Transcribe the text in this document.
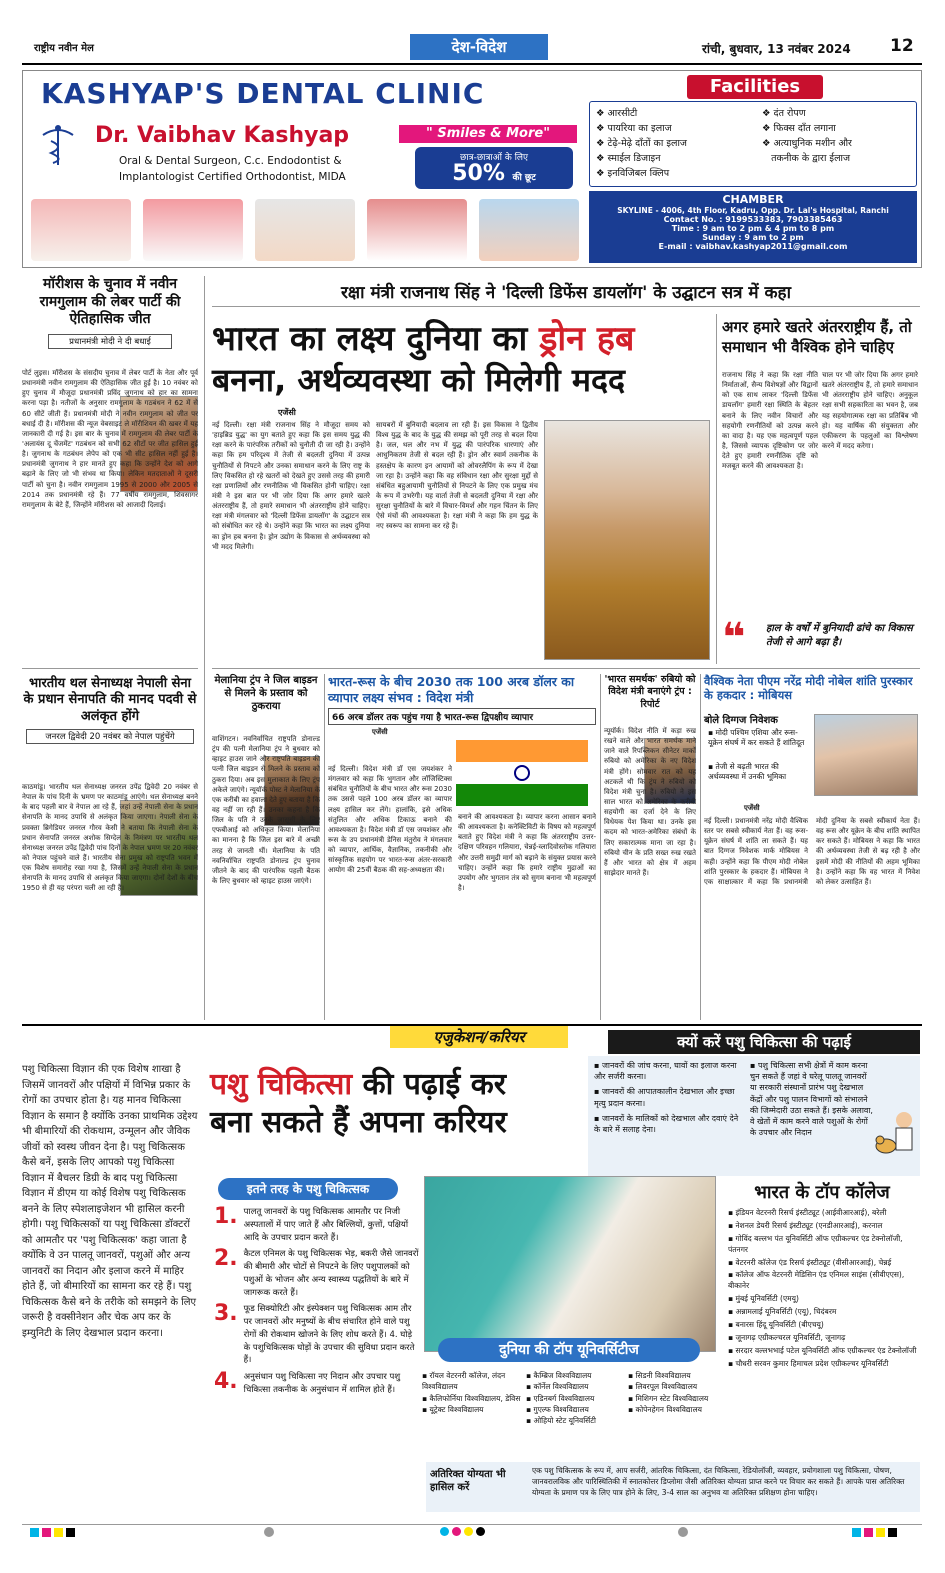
राष्ट्रीय नवीन मेल	देश-विदेश	रांची, बुधवार, 13 नवंबर 2024 12
KASHYAP'S DENTAL CLINIC
Dr. Vaibhav Kashyap	" Smiles & More"
Oral & Dental Surgeon, C.c. Endodontist &
Implantologist Certified Orthodontist, MIDA
छात्र-छात्राओं के लिए
50% की छूट
Facilities
❖ आरसीटी
❖ पायरिया का इलाज
❖ टेढ़े-मेढ़े दाँतों का इलाज
❖ स्माईल डिजाइन
❖ इनविजिबल क्लिप
❖ दंत रोपण
❖ फिक्स दाँत लगाना
❖ अत्याधुनिक मशीन और
तकनीक के द्वारा ईलाज
CHAMBER
SKYLINE - 4006, 4th Floor, Kadru, Opp. Dr. Lal's Hospital, Ranchi
Contact No. : 9199533383, 7903385463
Time : 9 am to 2 pm & 4 pm to 8 pm
Sunday : 9 am to 2 pm
E-mail : vaibhav.kashyap2011@gmail.com
मॉरीशस के चुनाव में नवीन रामगुलाम की लेबर पार्टी की ऐतिहासिक जीत
प्रधानमंत्री मोदी ने दी बधाई
पोर्ट लुइस। मॉरीशस के संसदीय चुनाव में लेबर पार्टी के नेता और पूर्व प्रधानमंत्री नवीन रामगुलाम की ऐतिहासिक जीत हुई है। 10 नवंबर को हुए चुनाव में मौजूदा प्रधानमंत्री प्रविंद जुगनाथ को हार का सामना करना पड़ा है। नतीजों के अनुसार रामगुलाम के गठबंधन ने 62 में से 60 सीटें जीती हैं। प्रधानमंत्री मोदी ने नवीन रामगुलाम को जीत पर बधाई दी है। मॉरीशस की न्यूज वेबसाइट ले मॉरीशियन की खबर में यह जानकारी दी गई है। इस बार के चुनाव में रामगुलाम की लेबर पार्टी के 'अलायंस दू चेंजमेंट' गठबंधन को सभी 62 सीटों पर जीत हासिल हुई है। जुगनाथ के गठबंधन लेपेप को एक भी सीट हासिल नहीं हुई है। प्रधानमंत्री जुगनाथ ने हार मानते हुए कहा कि उन्होंने देश को आगे बढ़ाने के लिए जो भी संभव था किया। लेकिन मतदाताओं ने दूसरी पार्टी को चुना है। नवीन रामगुलाम 1995 से 2000 और 2005 से 2014 तक प्रधानमंत्री रहे हैं। 77 वर्षीय रामगुलाम, शिवसागर रामगुलाम के बेटे हैं, जिन्होंने मॉरीशस को आजादी दिलाई।
भारतीय थल सेनाध्यक्ष नेपाली सेना के प्रधान सेनापति की मानद पदवी से अलंकृत होंगे
जनरल द्विवेदी 20 नवंबर को नेपाल पहुंचेंगे
काठमांडू। भारतीय थल सेनाध्यक्ष जनरल उपेंद्र द्विवेदी 20 नवंबर से नेपाल के पांच दिनी के भ्रमण पर काठमांडू आएंगे। थल सेनाध्यक्ष बनने के बाद पहली बार वे नेपाल आ रहे हैं, जहां उन्हें नेपाली सेना के प्रधान सेनापति के मानद उपाधि से अलंकृत किया जाएगा। नेपाली सेना के प्रवक्ता ब्रिगेडियर जनरल गौरव केसी ने बताया कि नेपाली सेना के प्रधान सेनापति जनरल अशोक सिग्देल के निमंत्रण पर भारतीय थल सेनाध्यक्ष जनरल उपेंद्र द्विवेदी पांच दिनों के नेपाल भ्रमण पर 20 नवंबर को नेपाल पहुंचने वाले हैं। भारतीय सेना प्रमुख को राष्ट्रपति भवन में एक विशेष समारोह रखा गया है, जिसमें उन्हें नेपाली सेना के प्रधान सेनापति के मानद उपाधि से अलंकृत किया जाएगा। दोनों देशों के बीच 1950 से ही यह परंपरा चली आ रही है।
रक्षा मंत्री राजनाथ सिंह ने 'दिल्ली डिफेंस डायलॉग' के उद्घाटन सत्र में कहा
भारत का लक्ष्य दुनिया का ड्रोन हब
बनना, अर्थव्यवस्था को मिलेगी मदद
एजेंसी
नई दिल्ली। रक्षा मंत्री राजनाथ सिंह ने मौजूदा समय को 'हाइब्रिड युद्ध' का युग बताते हुए कहा कि इस समय युद्ध की रक्षा करने के पारंपरिक तरीकों को चुनौती दी जा रही है। उन्होंने कहा कि हम परिदृश्य में तेजी से बदलती दुनिया में उत्पन्न चुनौतियों से निपटने और उनका समाधान करने के लिए राष्ट्र के लिए विकसित हो रहे खतरों को देखते हुए उससे तरह की हमारी रक्षा प्रणालियों और रणनीतिक भी विकसित होनी चाहिए। रक्षा मंत्री ने इस बात पर भी जोर दिया कि अगर हमारे खतरे अंतरराष्ट्रीय हैं, तो हमारे समाधान भी अंतरराष्ट्रीय होने चाहिए। रक्षा मंत्री मंगलवार को 'दिल्ली डिफेंस डायलॉग' के उद्घाटन सत्र को संबोधित कर रहे थे। उन्होंने कहा कि भारत का लक्ष्य दुनिया का ड्रोन हब बनना है। ड्रोन उद्योग के विकास से अर्थव्यवस्था को भी मदद मिलेगी।
सायबरों में बुनियादी बदलाव ला रही हैं। इस विकास ने द्वितीय विश्व युद्ध के बाद के युद्ध की समझ को पूरी तरह से बदल दिया है। जल, थल और नभ में युद्ध की पारंपरिक धारणाएं और आधुनिकतम तेजी से बदल रही हैं। ड्रोन और स्वार्म तकनीक के हस्तक्षेप के कारण इन आयामों को ओवरलैपिंग के रूप में देखा जा रहा है। उन्होंने कहा कि वह संविधान रक्षा और सुरक्षा मुद्दों से संबंधित बहुआयामी चुनौतियों से निपटने के लिए एक प्रमुख मंच के रूप में उभरेगी। यह वार्ता तेजी से बदलती दुनिया में रक्षा और सुरक्षा चुनौतियों के बारे में विचार-विमर्श और गहन चिंतन के लिए ऐसे मंचों की आवश्यकता है। रक्षा मंत्री ने कहा कि हम युद्ध के नए स्वरूप का सामना कर रहे हैं।
अगर हमारे खतरे अंतरराष्ट्रीय हैं, तो समाधान भी वैश्विक होने चाहिए
राजनाथ सिंह ने कहा कि रक्षा नीति निर्माताओं, सैन्य विशेषज्ञों और विद्वानों को एक साथ लाकर 'दिल्ली डिफेंस डायलॉग' हमारी रक्षा स्थिति के बेहतर बनाने के लिए नवीन विचारों और सहयोगी रणनीतियों को उत्पन्न करने का वादा है। यह एक महत्वपूर्ण पहल है, जिससे व्यापक दृष्टिकोण पर जोर देते हुए हमारी रणनीतिक दृष्टि को मजबूत करने की आवश्यकता है।
चाल पर भी जोर दिया कि अगर हमारे खतरे अंतरराष्ट्रीय हैं, तो हमारे समाधान भी अंतरराष्ट्रीय होने चाहिए। अनुकूल रक्षा सभी सहकारिता का भवन है, जब यह सहयोगात्मक रक्षा का प्रतिबिंब भी हो। यह वार्षिक की संयुक्तता और एकीकरण के पहलुओं का विश्लेषण करने में मदद करेगा।
❝ हाल के वर्षों में बुनियादी ढांचे का विकास तेजी से आगे बढ़ा है।
मेलानिया ट्रंप ने जिल बाइडन से मिलने के प्रस्ताव को ठुकराया
वाशिंगटन। नवनिर्वाचित राष्ट्रपति डोनाल्ड ट्रंप की पत्नी मेलानिया ट्रंप ने बुधवार को व्हाइट हाउस जाने और राष्ट्रपति बाइडन की पत्नी जिल बाइडन से मिलने के प्रस्ताव को ठुकरा दिया। अब इस मुलाकात के लिए ट्रंप अकेले जाएंगे। न्यूयॉर्क पोस्ट ने मेलानिया के एक करीबी का हवाला देते हुए बताया है कि वह नहीं जा रही हैं। उनका कहना है कि जिल के पति ने उनके जासूसी के लिए एफबीआई को अधिकृत किया। मेलानिया का मानना है कि जिल इस बारे में अच्छी तरह से जानती थीं। मेलानिया के पति नवनिर्वाचित राष्ट्रपति डोनाल्ड ट्रंप चुनाव जीतने के बाद की पारंपरिक पहली बैठक के लिए बुधवार को व्हाइट हाउस जाएंगे।
भारत-रूस के बीच 2030 तक 100 अरब डॉलर का व्यापार लक्ष्य संभव : विदेश मंत्री
66 अरब डॉलर तक पहुंच गया है भारत-रूस द्विपक्षीय व्यापार
एजेंसी
नई दिल्ली। विदेश मंत्री डॉ एस जयशंकर ने मंगलवार को कहा कि भुगतान और लॉजिस्टिक्स संबंधित चुनौतियों के बीच भारत और रूस 2030 तक उससे पहले 100 अरब डॉलर का व्यापार लक्ष्य हासिल कर लेंगे। हालांकि, इसे अधिक संतुलित और अधिक टिकाऊ बनाने की आवश्यकता है। विदेश मंत्री डॉ एस जयशंकर और रूस के उप प्रधानमंत्री डेनिस मंतुरोव ने मंगलवार को व्यापार, आर्थिक, वैज्ञानिक, तकनीकी और सांस्कृतिक सहयोग पर भारत-रूस अंतर-सरकारी आयोग की 25वीं बैठक की सह-अध्यक्षता की।
बनाने की आवश्यकता है। व्यापार करना आसान बनाने की आवश्यकता है। कनेक्टिविटी के विषय को महत्वपूर्ण बताते हुए विदेश मंत्री ने कहा कि अंतरराष्ट्रीय उत्तर-दक्षिण परिवहन गलियारा, चेन्नई-व्लादिवोस्तोक गलियारा और उत्तरी समुद्री मार्ग को बढ़ाने के संयुक्त प्रयास करने चाहिए। उन्होंने कहा कि हमारे राष्ट्रीय मुद्राओं का उपयोग और भुगतान तंत्र को सुगम बनाना भी महत्वपूर्ण है।
'भारत समर्थक' रुबियो को विदेश मंत्री बनाएंगे ट्रंप : रिपोर्ट
न्यूयॉर्क। विदेश नीति में कड़ा रुख रखने वाले और भारत समर्थक माने जाने वाले रिपब्लिकन सीनेटर मार्को रुबियो को अमेरिका के नए विदेश मंत्री होंगे। सोमवार रात को यह अटकलें थी कि ट्रंप ने रुबियो को विदेश मंत्री चुना है। रुबियो ने इस साल भारत को अमेरिका के करीबी सहयोगी का दर्जा देने के लिए विधेयक पेश किया था। उनके इस कदम को भारत-अमेरिका संबंधों के लिए सकारात्मक माना जा रहा है। रुबियो चीन के प्रति सख्त रुख रखते हैं और भारत को क्षेत्र में अहम साझेदार मानते हैं।
वैश्विक नेता पीएम नरेंद्र मोदी नोबेल शांति पुरस्कार के हकदार : मोबियस
बोले दिग्गज निवेशक
▪ मोदी पश्चिम एशिया और रूस-यूक्रेन संघर्ष में कर सकते हैं शांतिदूत
▪ तेजी से बढ़ती भारत की अर्थव्यवस्था में उनकी भूमिका
एजेंसी
नई दिल्ली। प्रधानमंत्री नरेंद्र मोदी वैश्विक स्तर पर सबसे स्वीकार्य नेता हैं। वह रूस-यूक्रेन संघर्ष में शांति ला सकते हैं। यह बात दिग्गज निवेशक मार्क मोबियस ने कही। उन्होंने कहा कि पीएम मोदी नोबेल शांति पुरस्कार के हकदार हैं। मोबियस ने एक साक्षात्कार में कहा कि प्रधानमंत्री मोदी दुनिया के सबसे स्वीकार्य नेता हैं। वह रूस और यूक्रेन के बीच शांति स्थापित कर सकते हैं। मोबियस ने कहा कि भारत की अर्थव्यवस्था तेजी से बढ़ रही है और इसमें मोदी की नीतियों की अहम भूमिका है। उन्होंने कहा कि वह भारत में निवेश को लेकर उत्साहित हैं।
एजुकेशन/करियर	क्यों करें पशु चिकित्सा की पढ़ाई
▪ जानवरों की जांच करना, घावों का इलाज करना और सर्जरी करना।
▪ जानवरों की आपातकालीन देखभाल और इच्छा मृत्यु प्रदान करना।
▪ जानवरों के मालिकों को देखभाल और दवाएं देने के बारे में सलाह देना।
▪ पशु चिकित्सा सभी क्षेत्रों में काम करना चुन सकते हैं जहां वे घरेलू पालतू जानवरों या सरकारी संस्थानों प्रारंभ पशु देखभाल केंद्रों और पशु पालन विभागों को संभालने की जिम्मेदारी उठा सकते हैं। इसके अलावा, वे खेतों में काम करने वाले पशुओं के रोगों के उपचार और निदान
पशु चिकित्सा विज्ञान की एक विशेष शाखा है जिसमें जानवरों और पक्षियों में विभिन्न प्रकार के रोगों का उपचार होता है। यह मानव चिकित्सा विज्ञान के समान है क्योंकि उनका प्राथमिक उद्देश्य भी बीमारियों की रोकथाम, उन्मूलन और जैविक जीवों को स्वस्थ जीवन देना है। पशु चिकित्सक कैसे बनें, इसके लिए आपको पशु चिकित्सा विज्ञान में बैचलर डिग्री के बाद पशु चिकित्सा विज्ञान में डीएम या कोई विशेष पशु चिकित्सक बनने के लिए स्पेशलाइजेशन भी हासिल करनी होगी। पशु चिकित्सकों या पशु चिकित्सा डॉक्टरों को आमतौर पर 'पशु चिकित्सक' कहा जाता है क्योंकि वे उन पालतू जानवरों, पशुओं और अन्य जानवरों का निदान और इलाज करने में माहिर होते हैं, जो बीमारियों का सामना कर रहे हैं। पशु चिकित्सक कैसे बने के तरीके को समझने के लिए जरूरी है वक्सीनेशन और चेक अप कर के इम्युनिटी के लिए देखभाल प्रदान करना।
पशु चिकित्सा की पढ़ाई कर
बना सकते हैं अपना करियर
इतने तरह के पशु चिकित्सक
1. पालतू जानवरों के पशु चिकित्सक आमतौर पर निजी अस्पतालों में पाए जाते हैं और बिल्लियों, कुत्तों, पक्षियों आदि के उपचार प्रदान करते हैं।
2. कैटल एनिमल के पशु चिकित्सक भेड़, बकरी जैसे जानवरों की बीमारी और चोटों से निपटने के लिए पशुपालकों को पशुओं के भोजन और अन्य स्वास्थ्य पद्धतियों के बारे में जागरूक करते हैं।
3. फूड सिक्योरिटी और इंस्पेक्शन पशु चिकित्सक आम तौर पर जानवरों और मनुष्यों के बीच संचारित होने वाले पशु रोगों की रोकथाम खोजने के लिए शोध करते हैं। 4. घोड़े के पशुचिकित्सक घोड़ों के उपचार की सुविधा प्रदान करते हैं।
4. अनुसंधान पशु चिकित्सा नए निदान और उपचार पशु चिकित्सा तकनीक के अनुसंधान में शामिल होते हैं।
दुनिया की टॉप यूनिवर्सिटीज
▪ रॉयल वेटरनरी कॉलेज, लंदन विश्वविद्यालय
▪ कैलिफोर्निया विश्वविद्यालय, डेविस
▪ यूट्रेक्ट विश्वविद्यालय
▪ कैम्ब्रिज विश्वविद्यालय
▪ कॉर्नेल विश्वविद्यालय
▪ एडिनबर्ग विश्वविद्यालय
▪ गुएल्फ विश्वविद्यालय
▪ ओहियो स्टेट यूनिवर्सिटी
▪ सिडनी विश्वविद्यालय
▪ लिवरपूल विश्वविद्यालय
▪ मिशिगन स्टेट विश्वविद्यालय
▪ कोपेनहेगन विश्वविद्यालय
भारत के टॉप कॉलेज
▪ इंडियन वेटरनरी रिसर्च इंस्टीट्यूट (आईवीआरआई), बरेली
▪ नेशनल डेयरी रिसर्च इंस्टीट्यूट (एनडीआरआई), करनाल
▪ गोविंद बल्लभ पंत यूनिवर्सिटी ऑफ एग्रीकल्चर एंड टेक्नोलॉजी, पंतनगर
▪ वेटरनरी कॉलेज एंड रिसर्च इंस्टीट्यूट (वीसीआरआई), चेन्नई
▪ कॉलेज ऑफ वेटरनरी मेडिसिन एंड एनिमल साइंस (सीवीएएस), बीकानेर
▪ मुंबई यूनिवर्सिटी (एमयू)
▪ अन्नामलाई यूनिवर्सिटी (एयू), चिदंबरम
▪ बनारस हिंदू यूनिवर्सिटी (बीएचयू)
▪ जूनागढ़ एग्रीकल्चरल यूनिवर्सिटी, जूनागढ़
▪ सरदार वल्लभभाई पटेल यूनिवर्सिटी ऑफ एग्रीकल्चर एंड टेक्नोलॉजी
▪ चौधरी सरवन कुमार हिमाचल प्रदेश एग्रीकल्चर यूनिवर्सिटी
अतिरिक्त योग्यता भी हासिल करें
एक पशु चिकित्सक के रूप में, आप सर्जरी, आंतरिक चिकित्सा, दंत चिकित्सा, रेडियोलॉजी, व्यवहार, प्रयोगशाला पशु चिकित्सा, पोषण, जानवरालविक और पारिस्थितिकी में स्नातकोत्तर डिप्लोमा जैसी अतिरिक्त योग्यता प्राप्त करने पर विचार कर सकते हैं। आपके पास अतिरिक्त योग्यता के प्रमाण पत्र के लिए पात्र होने के लिए, 3-4 साल का अनुभव या अतिरिक्त प्रशिक्षण होना चाहिए।
